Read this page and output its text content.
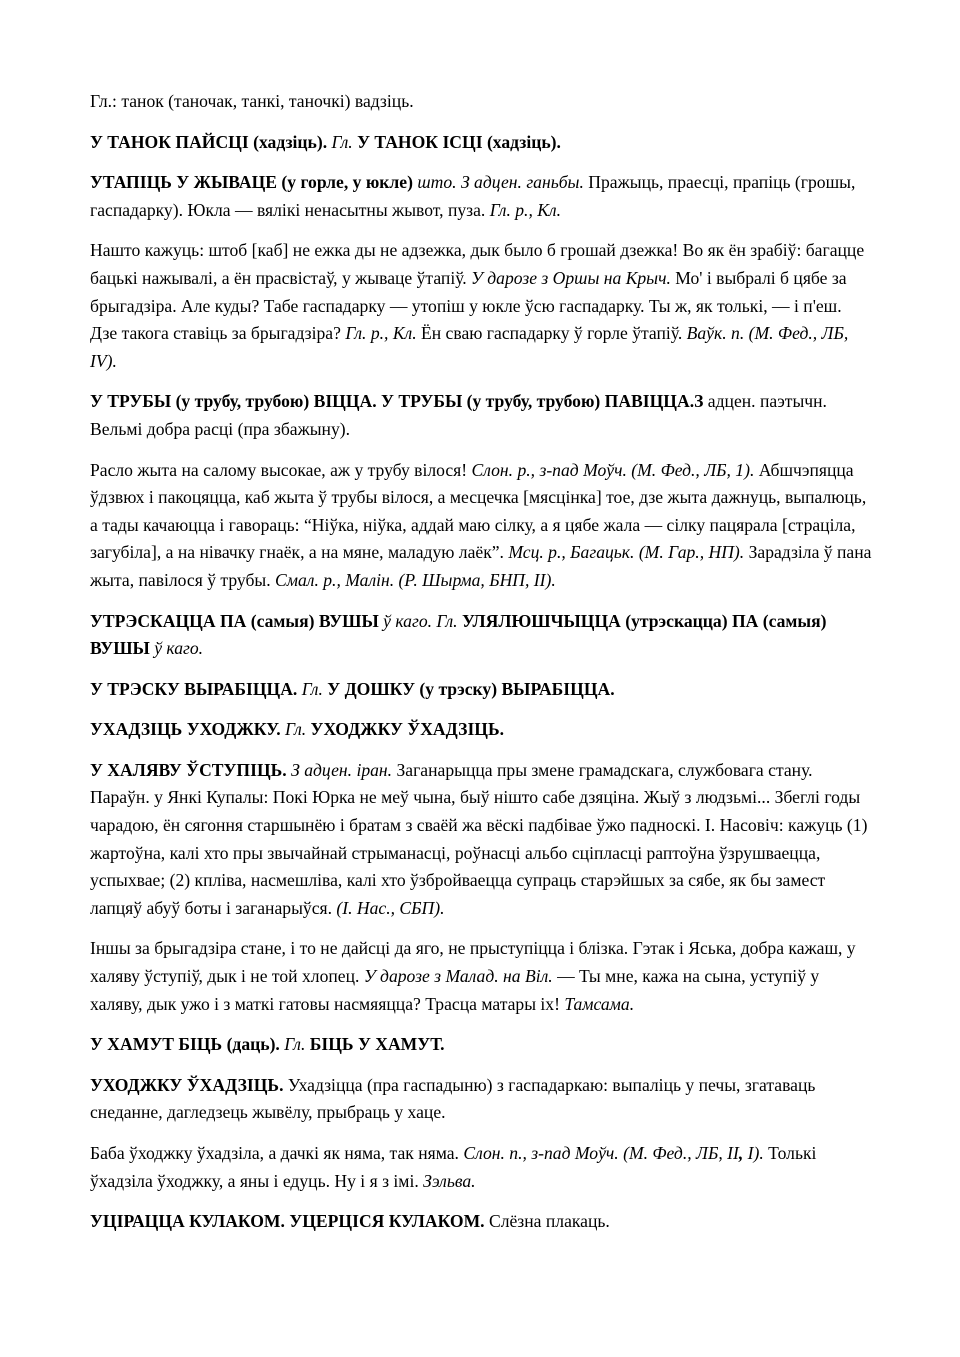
Гл.: танок (таночак, танкі, таночкі) вадзіць.

У ТАНОК ПАЙСЦІ (хадзіць). Гл. У ТАНОК ІСЦІ (хадзіць).

УТАПІЦЬ У ЖЫВАЦЕ (у горле, у юкле) што. З адцен. ганьбы. Пражыць, праесці, прапіць (грошы, гаспадарку). Юкла — вялікі ненасытны жывот, пуза. Гл. р., Кл.

Нашто кажуць: штоб [каб] не ежка ды не адзежка, дык было б грошай дзежка! Во як ён зрабіў: багацце бацькі нажывалі, а ён прасвістаў, у жываце ўтапіў. У дарозе з Оршы на Крыч. Мо' і выбралі б цябе за брыгадзіра. Але куды? Табе гаспадарку — утопіш у юкле ўсю гаспадарку. Ты ж, як толькі, — і п'еш. Дзе такога ставіць за брыгадзіра? Гл. р., Кл. Ён сваю гаспадарку ў горле ўтапіў. Ваўк. п. (М. Фед., ЛБ, IV).

У ТРУБЫ (у трубу, трубою) ВІЦЦА. У ТРУБЫ (у трубу, трубою) ПАВІЦЦА.З адцен. паэтычн. Вельмі добра расці (пра збажыну).

Расло жыта на салому высокае, аж у трубу вілося! Слон. р., з-пад Моўч. (М. Фед., ЛБ, 1). Абшчэпяцца ўдзвюх і пакоцяцца, каб жыта ў трубы вілося, а месцечка [мясцінка] тое, дзе жыта дажнуць, выпалюць, а тады качаюцца і гавораць: “Ніўка, ніўка, аддай маю сілку, а я цябе жала — сілку пацярала [страціла, загубіла], а на нівачку гнаёк, а на мяне, маладую лаёк”. Мсц. р., Багацьк. (М. Гар., НП). Зарадзіла ў пана жыта, павілося ў трубы. Смал. р., Малін. (Р. Шырма, БНП, II).

УТРЭСКАЦЦА ПА (самыя) ВУШЫ ў каго. Гл. УЛЯЛЮШЧЫЦЦА (утрэскацца) ПА (самыя) ВУШЫ ў каго.

У ТРЭСКУ ВЫРАБІЦЦА. Гл. У ДОШКУ (у трэску) ВЫРАБІЦЦА.

УХАДЗІЦЬ УХОДЖКУ. Гл. УХОДЖКУ ЎХАДЗІЦЬ.

У ХАЛЯВУ ЎСТУПІЦЬ. З адцен. іран. Заганарыцца пры змене грамадскага, службовага стану. Параўн. у Янкі Купалы: Покі Юрка не меў чына, быў нішто сабе дзяціна. Жыў з людзьмі... Збеглі годы чарадою, ён сягоння старшынёю і братам з сваёй жа вёскі падбівае ўжо падноскі. І. Насовіч: кажуць (1) жартоўна, калі хто пры звычайнай стрыманасці, роўнасці альбо сціпласці раптоўна ўзрушваецца, успыхвае; (2) кпліва, насмешліва, калі хто ўзбройваецца супраць старэйшых за сябе, як бы замест лапцяў абуў боты і заганарыўся. (І. Нас., СБП).

Іншы за брыгадзіра стане, і то не дайсці да яго, не прыступіцца і блізка. Гэтак і Яська, добра кажаш, у халяву ўступіў, дык і не той хлопец. У дарозе з Малад. на Віл. — Ты мне, кажа на сына, уступіў у халяву, дык ужо і з маткі гатовы насмяяцца? Трасца матары іх! Тамсама.

У ХАМУТ БІЦЬ (даць). Гл. БІЦЬ У ХАМУТ.

УХОДЖКУ ЎХАДЗІЦЬ. Ухадзіцца (пра гаспадыню) з гаспадаркаю: выпаліць у печы, згатаваць снеданне, дагледзець жывёлу, прыбраць у хаце.

Баба ўходжку ўхадзіла, а дачкі як няма, так няма. Слон. п., з-пад Моўч. (М. Фед., ЛБ, II, I). Толькі ўхадзіла ўходжку, а яны і едуць. Ну і я з імі. Зэльва.

УЦІРАЦЦА КУЛАКОМ. УЦЕРЦІСЯ КУЛАКОМ. Слёзна плакаць.
